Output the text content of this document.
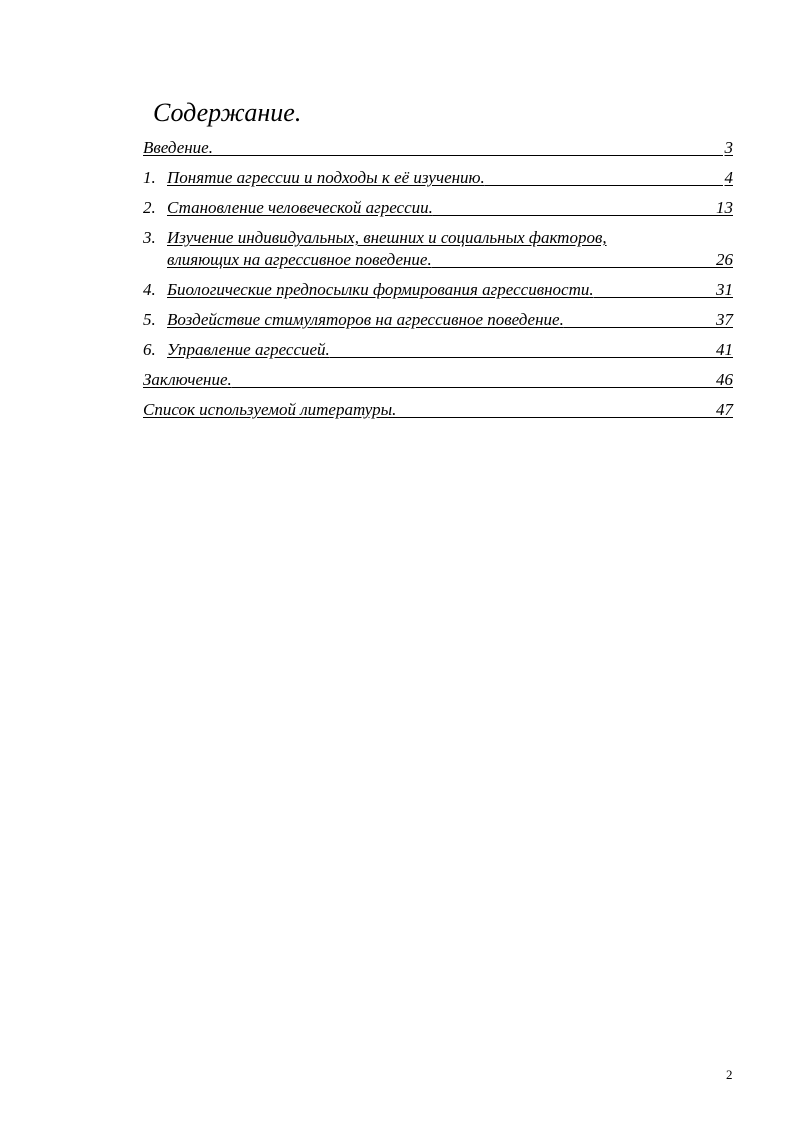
Содержание.
Введение.	3
1. Понятие агрессии и подходы к её изучению.	4
2. Становление человеческой агрессии.	13
3. Изучение индивидуальных, внешних и социальных факторов,
влияющих на агрессивное поведение.	26
4. Биологические предпосылки формирования агрессивности.	31
5. Воздействие стимуляторов на агрессивное поведение.	37
6. Управление агрессией.	41
Заключение.	46
Список используемой литературы.	47
2
